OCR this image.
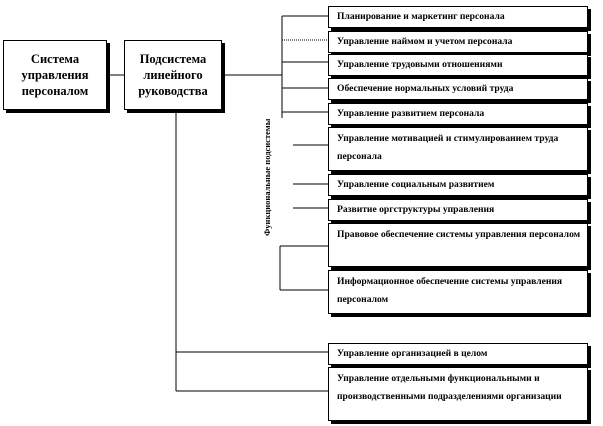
Система управления персоналом
Подсистема линейного руководства
Функциональные подсистемы
Планирование и маркетинг персонала
Управление наймом и учетом персонала
Управление трудовыми отношениями
Обеспечение нормальных условий труда
Управление развитием персонала
Управление мотивацией и стимулированием труда персонала
Управление социальным развитием
Развитие оргструктуры управления
Правовое обеспечение системы управления персоналом
Информационное обеспечение системы управления персоналом
Управление организацией в целом
Управление отдельными функциональными и производственными подразделениями организации
